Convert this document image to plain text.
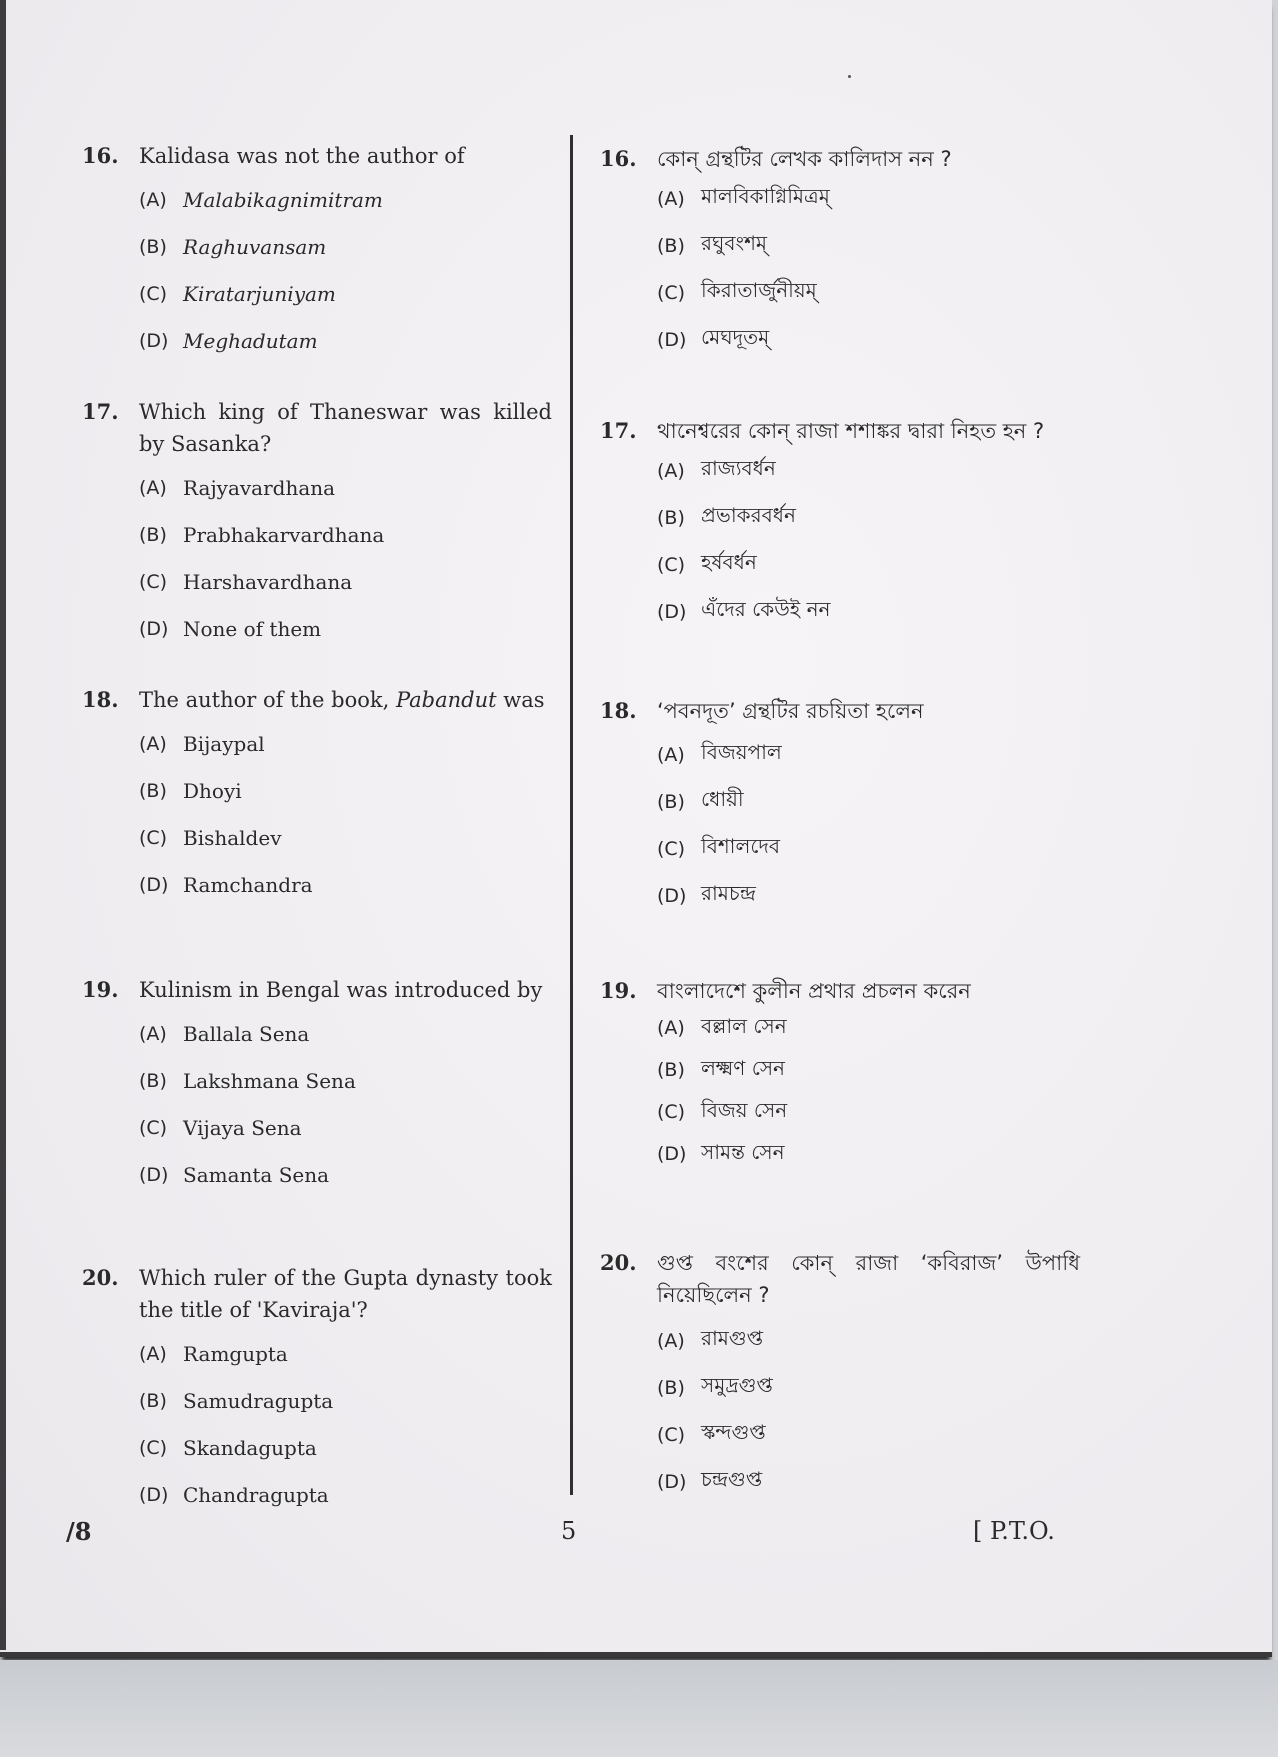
16. Kalidasa was not the author of
(A) Malabikagnimitram
(B) Raghuvansam
(C) Kiratarjuniyam
(D) Meghadutam
17. Which king of Thaneswar was killed by Sasanka?
(A) Rajyavardhana
(B) Prabhakarvardhana
(C) Harshavardhana
(D) None of them
18. The author of the book, Pabandut was
(A) Bijaypal
(B) Dhoyi
(C) Bishaldev
(D) Ramchandra
19. Kulinism in Bengal was introduced by
(A) Ballala Sena
(B) Lakshmana Sena
(C) Vijaya Sena
(D) Samanta Sena
20. Which ruler of the Gupta dynasty took the title of 'Kaviraja'?
(A) Ramgupta
(B) Samudragupta
(C) Skandagupta
(D) Chandragupta
16. কোন্ গ্রন্থটির লেখক কালিদাস নন ?
(A) মালবিকাগ্নিমিত্রম্
(B) রঘুবংশম্
(C) কিরাতার্জুনীয়ম্
(D) মেঘদূতম্
17. থানেশ্বরের কোন্ রাজা শশাঙ্কর দ্বারা নিহত হন ?
(A) রাজ্যবর্ধন
(B) প্রভাকরবর্ধন
(C) হর্ষবর্ধন
(D) এঁদের কেউই নন
18. ‘পবনদূত’ গ্রন্থটির রচয়িতা হলেন
(A) বিজয়পাল
(B) ধোয়ী
(C) বিশালদেব
(D) রামচন্দ্র
19. বাংলাদেশে কুলীন প্রথার প্রচলন করেন
(A) বল্লাল সেন
(B) লক্ষ্মণ সেন
(C) বিজয় সেন
(D) সামন্ত সেন
20. গুপ্ত বংশের কোন্ রাজা ‘কবিরাজ’ উপাধি নিয়েছিলেন ?
(A) রামগুপ্ত
(B) সমুদ্রগুপ্ত
(C) স্কন্দগুপ্ত
(D) চন্দ্রগুপ্ত
/8	5	[ P.T.O.
